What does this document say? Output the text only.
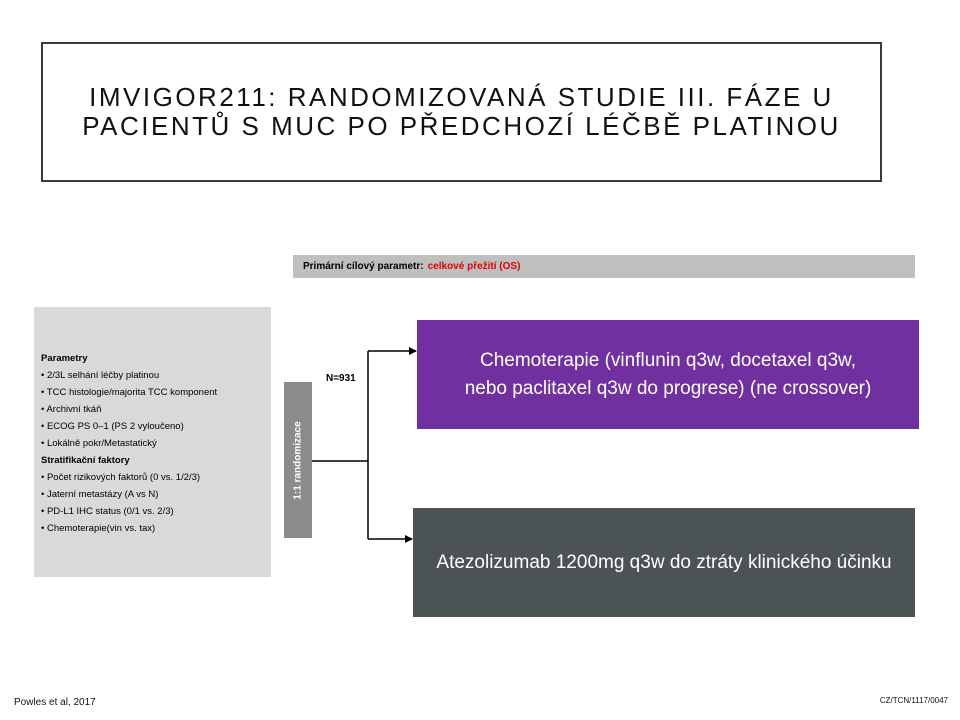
10
IMVIGOR211: RANDOMIZOVANÁ STUDIE III. FÁZE U
PACIENTŮ S MUC PO PŘEDCHOZÍ LÉČBĚ PLATINOU
Primární cílový parametr: celkové přežití (OS)
Parametry
• 2/3L selhání léčby platinou
• TCC histologie/majorita TCC komponent
• Archivní tkáň
• ECOG PS 0–1 (PS 2 vyloučeno)
• Lokálně pokr/Metastatický
Stratifikační faktory
• Počet rizikových faktorů (0 vs. 1/2/3)
• Jaterní metastázy (A vs N)
• PD-L1 IHC status (0/1 vs. 2/3)
• Chemoterapie(vin vs. tax)
1:1 randomizace
N=931
Chemoterapie (vinflunin q3w, docetaxel q3w,
nebo paclitaxel q3w do progrese) (ne crossover)
Atezolizumab 1200mg q3w do ztráty klinického účinku
Powles et al, 2017	CZ/TCN/1117/0047
